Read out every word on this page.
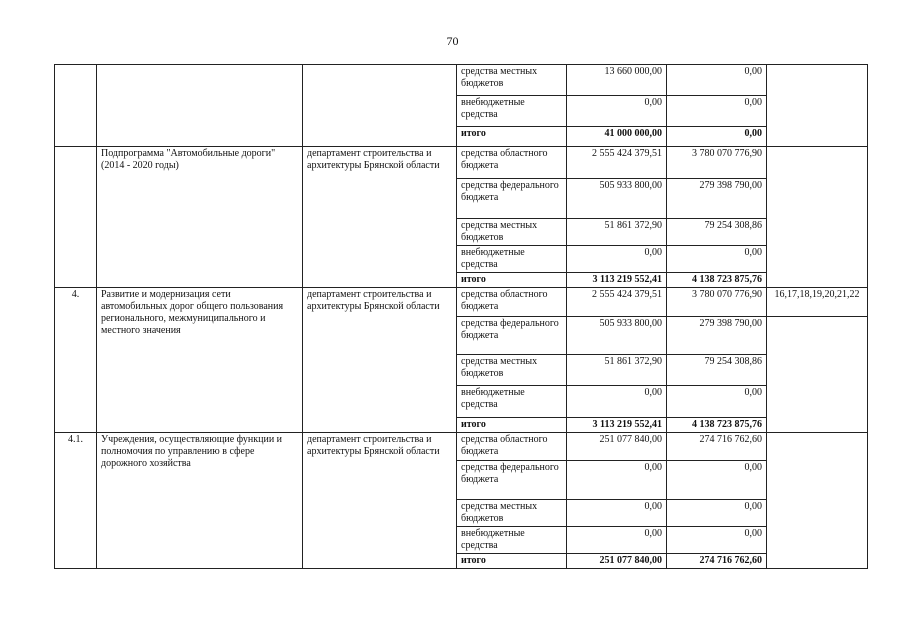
70
			средства местных бюджетов	13 660 000,00	0,00	
			внебюджетные средства	0,00	0,00	
			итого	41 000 000,00	0,00	
	Подпрограмма "Автомобильные дороги" (2014 - 2020 годы)	департамент строительства и архитектуры Брянской области	средства областного бюджета	2 555 424 379,51	3 780 070 776,90	
			средства федерального бюджета	505 933 800,00	279 398 790,00	
			средства местных бюджетов	51 861 372,90	79 254 308,86	
			внебюджетные средства	0,00	0,00	
			итого	3 113 219 552,41	4 138 723 875,76	
4.	Развитие и модернизация сети автомобильных дорог общего пользования регионального, межмуниципального и местного значения	департамент строительства и архитектуры Брянской области	средства областного бюджета	2 555 424 379,51	3 780 070 776,90	16,17,18,19,20,21,22
			средства федерального бюджета	505 933 800,00	279 398 790,00	
			средства местных бюджетов	51 861 372,90	79 254 308,86	
			внебюджетные средства	0,00	0,00	
			итого	3 113 219 552,41	4 138 723 875,76	
4.1.	Учреждения, осуществляющие функции и полномочия по управлению в сфере дорожного хозяйства	департамент строительства и архитектуры Брянской области	средства областного бюджета	251 077 840,00	274 716 762,60	
			средства федерального бюджета	0,00	0,00	
			средства местных бюджетов	0,00	0,00	
			внебюджетные средства	0,00	0,00	
			итого	251 077 840,00	274 716 762,60	
